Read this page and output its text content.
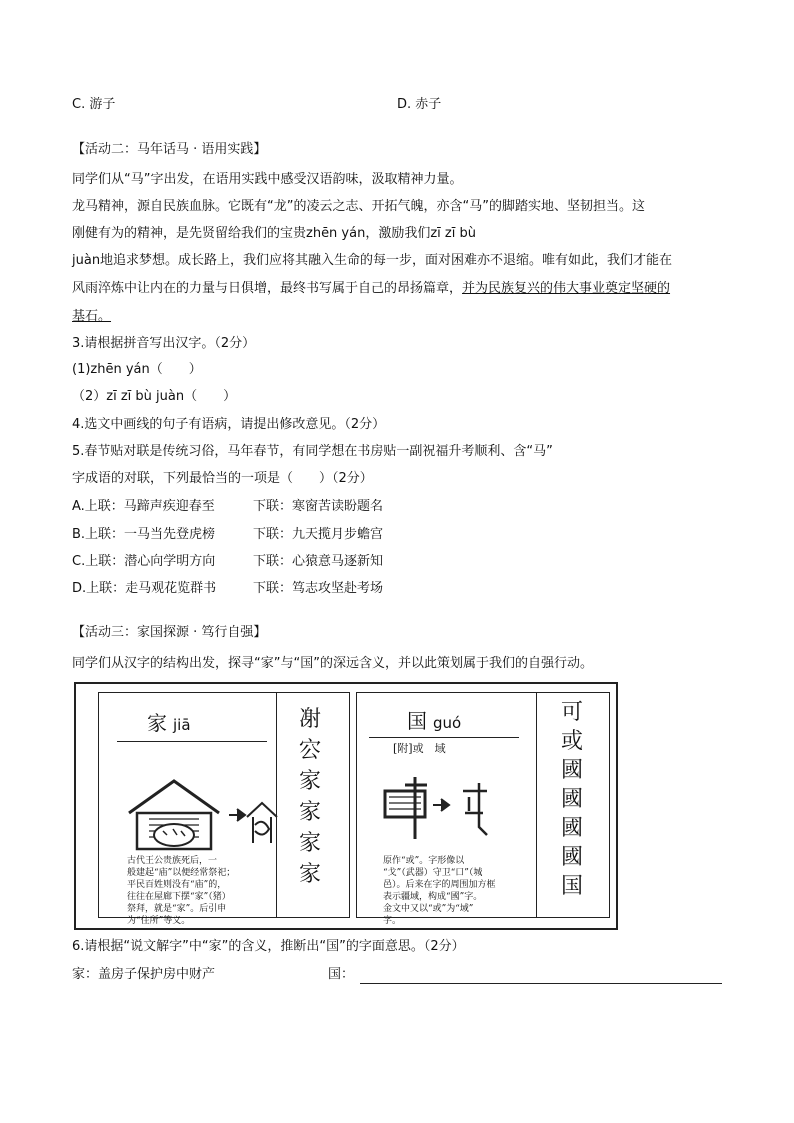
C. 游子	D. 赤子
【活动二：马年话马 · 语用实践】
同学们从“马”字出发，在语用实践中感受汉语韵味，汲取精神力量。
龙马精神，源自民族血脉。它既有“龙”的凌云之志、开拓气魄，亦含“马”的脚踏实地、坚韧担当。这
刚健有为的精神，是先贤留给我们的宝贵zhēn yán，激励我们zī zī bù
juàn地追求梦想。成长路上，我们应将其融入生命的每一步，面对困难亦不退缩。唯有如此，我们才能在
风雨淬炼中让内在的力量与日俱增，最终书写属于自己的昂扬篇章，并为民族复兴的伟大事业奠定坚硬的
基石。
3.请根据拼音写出汉字。（2分）
(1)zhēn yán（　　）
（2）zī zī bù juàn（　　）
4.选文中画线的句子有语病，请提出修改意见。（2分）
5.春节贴对联是传统习俗，马年春节，有同学想在书房贴一副祝福升考顺利、含“马”
字成语的对联，下列最恰当的一项是（　　）（2分）
A.上联：马蹄声疾迎春至	下联：寒窗苦读盼题名
B.上联：一马当先登虎榜	下联：九天揽月步蟾宫
C.上联：潜心向学明方向	下联：心猿意马逐新知
D.上联：走马观花览群书	下联：笃志攻坚赴考场
【活动三：家国探源 · 笃行自强】
同学们从汉字的结构出发，探寻“家”与“国”的深远含义，并以此策划属于我们的自强行动。
家 jiā
古代王公贵族死后，一
般建起“庙”以便经常祭祀；
平民百姓则没有“庙”的，
往往在屋廊下摆“家”（猪）
祭拜，就是“家”。后引申
为“住所”等义。
㓔
㝐
家
家
家
家
国 guó
[附]或　域
原作“或”。字形像以
“戈”（武器）守卫“口”（城
邑）。后来在字的周围加方框
表示疆域，构成“國”字。
金文中又以“或”为“域”
字。
可
或
國
國
國
國
国
6.请根据“说文解字”中“家”的含义，推断出“国”的字面意思。（2分）
家：盖房子保护房中财产	国：
